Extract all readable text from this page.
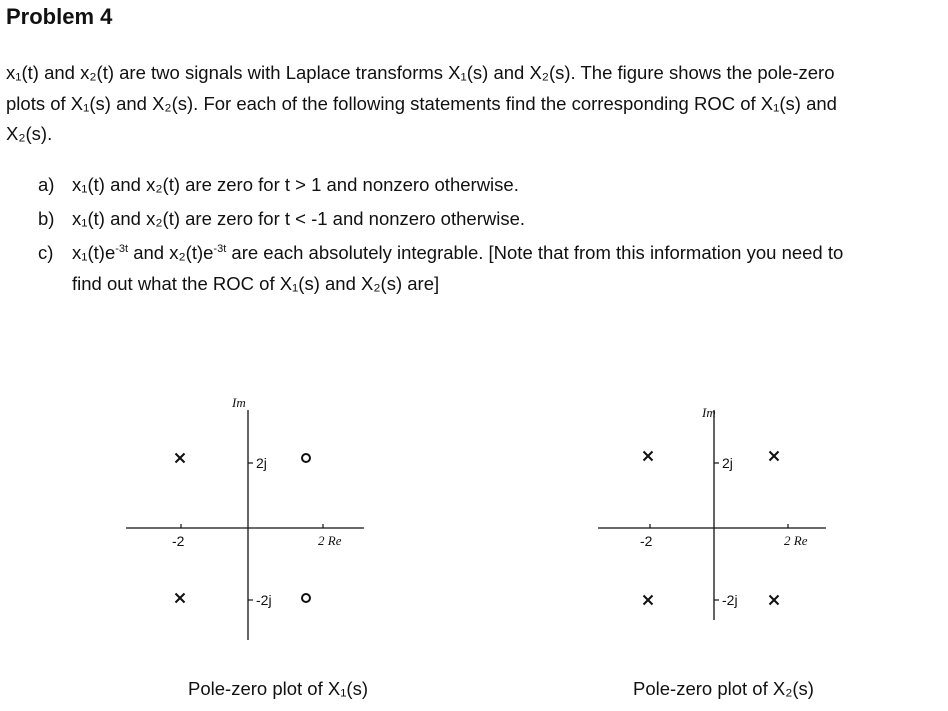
Problem 4
x₁(t) and x₂(t) are two signals with Laplace transforms X₁(s) and X₂(s). The figure shows the pole-zero
plots of X₁(s) and X₂(s). For each of the following statements find the corresponding ROC of X₁(s) and
X₂(s).
a) x₁(t) and x₂(t) are zero for t > 1 and nonzero otherwise.
b) x₁(t) and x₂(t) are zero for t < -1 and nonzero otherwise.
c) $x_1(t)e^{-3t}$ and $x_2(t)e^{-3t}$ are each absolutely integrable. [Note that from this information you need to
find out what the ROC of X₁(s) and X₂(s) are]
Im
2j
-2j
-2	2 Re
Im
2j
-2j
-2	2 Re
Pole-zero plot of X₁(s)	Pole-zero plot of X₂(s)
